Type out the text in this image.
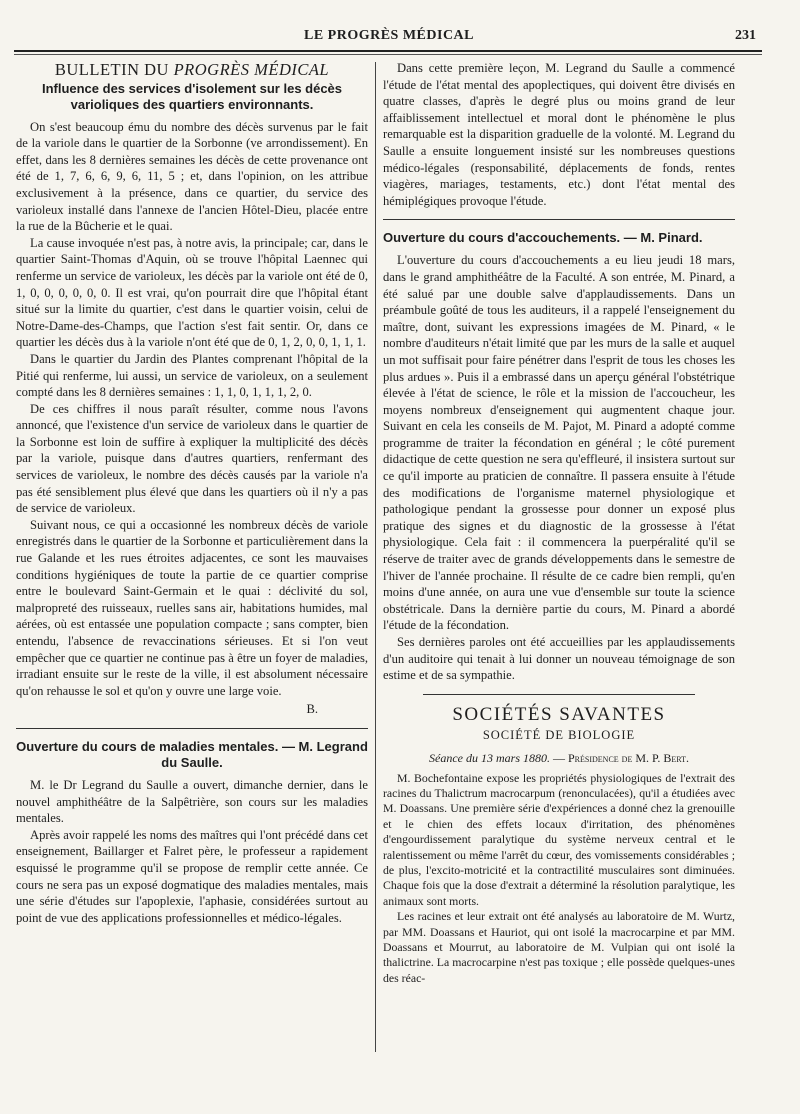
LE PROGRÈS MÉDICAL	231
BULLETIN DU PROGRÈS MÉDICAL
Influence des services d'isolement sur les décès varioliques des quartiers environnants.

On s'est beaucoup ému du nombre des décès survenus par le fait de la variole dans le quartier de la Sorbonne (ve arrondissement). En effet, dans les 8 dernières semaines les décès de cette provenance ont été de 1, 7, 6, 6, 9, 6, 11, 5 ; et, dans l'opinion, on les attribue exclusivement à la présence, dans ce quartier, du service des varioleux installé dans l'annexe de l'ancien Hôtel-Dieu, placée entre la rue de la Bûcherie et le quai.

La cause invoquée n'est pas, à notre avis, la principale; car, dans le quartier Saint-Thomas d'Aquin, où se trouve l'hôpital Laennec qui renferme un service de varioleux, les décès par la variole ont été de 0, 1, 0, 0, 0, 0, 0, 0. Il est vrai, qu'on pourrait dire que l'hôpital étant situé sur la limite du quartier, c'est dans le quartier voisin, celui de Notre-Dame-des-Champs, que l'action s'est fait sentir. Or, dans ce quartier les décès dus à la variole n'ont été que de 0, 1, 2, 0, 0, 1, 1, 1.

Dans le quartier du Jardin des Plantes comprenant l'hôpital de la Pitié qui renferme, lui aussi, un service de varioleux, on a seulement compté dans les 8 dernières semaines : 1, 1, 0, 1, 1, 1, 2, 0.

De ces chiffres il nous paraît résulter, comme nous l'avons annoncé, que l'existence d'un service de varioleux dans le quartier de la Sorbonne est loin de suffire à expliquer la multiplicité des décès par la variole, puisque dans d'autres quartiers, renfermant des services de varioleux, le nombre des décès causés par la variole n'a pas été sensiblement plus élevé que dans les quartiers où il n'y a pas de service de varioleux.

Suivant nous, ce qui a occasionné les nombreux décès de variole enregistrés dans le quartier de la Sorbonne et particulièrement dans la rue Galande et les rues étroites adjacentes, ce sont les mauvaises conditions hygiéniques de toute la partie de ce quartier comprise entre le boulevard Saint-Germain et le quai : déclivité du sol, malpropreté des ruisseaux, ruelles sans air, habitations humides, mal aérées, où est entassée une population compacte ; sans compter, bien entendu, l'absence de revaccinations sérieuses. Et si l'on veut empêcher que ce quartier ne continue pas à être un foyer de maladies, irradiant ensuite sur le reste de la ville, il est absolument nécessaire qu'on rehausse le sol et qu'on y ouvre une large voie.

B.
Ouverture du cours de maladies mentales. — M. Legrand du Saulle.

M. le Dr Legrand du Saulle a ouvert, dimanche dernier, dans le nouvel amphithéâtre de la Salpêtrière, son cours sur les maladies mentales.

Après avoir rappelé les noms des maîtres qui l'ont précédé dans cet enseignement, Baillarger et Falret père, le professeur a rapidement esquissé le programme qu'il se propose de remplir cette année. Ce cours ne sera pas un exposé dogmatique des maladies mentales, mais une série d'études sur l'apoplexie, l'aphasie, considérées surtout au point de vue des applications professionnelles et médico-légales.

Dans cette première leçon, M. Legrand du Saulle a commencé l'étude de l'état mental des apoplectiques, qui doivent être divisés en quatre classes, d'après le degré plus ou moins grand de leur affaiblissement intellectuel et moral dont le phénomène le plus remarquable est la disparition graduelle de la volonté. M. Legrand du Saulle a ensuite longuement insisté sur les nombreuses questions médico-légales (responsabilité, déplacements de fonds, rentes viagères, mariages, testaments, etc.) dont l'état mental des hémiplégiques provoque l'étude.

Ouverture du cours d'accouchements. — M. Pinard.

L'ouverture du cours d'accouchements a eu lieu jeudi 18 mars, dans le grand amphithéâtre de la Faculté. A son entrée, M. Pinard, a été salué par une double salve d'applaudissements. Dans un préambule goûté de tous les auditeurs, il a rappelé l'enseignement du maître, dont, suivant les expressions imagées de M. Pinard, « le nombre d'auditeurs n'était limité que par les murs de la salle et auquel un mot suffisait pour faire pénétrer dans l'esprit de tous les choses les plus ardues ». Puis il a embrassé dans un aperçu général l'obstétrique élevée à l'état de science, le rôle et la mission de l'accoucheur, les moyens nombreux d'enseignement qui augmentent chaque jour. Suivant en cela les conseils de M. Pajot, M. Pinard a adopté comme programme de traiter la fécondation en général ; le côté purement didactique de cette question ne sera qu'effleuré, il insistera surtout sur ce qu'il importe au praticien de connaître. Il passera ensuite à l'étude des modifications de l'organisme maternel physiologique et pathologique pendant la grossesse pour donner un exposé plus pratique des signes et du diagnostic de la grossesse à l'état physiologique. Cela fait : il commencera la puerpéralité qu'il se réserve de traiter avec de grands développements dans le semestre de l'hiver de l'année prochaine. Il résulte de ce cadre bien rempli, qu'en moins d'une année, on aura une vue d'ensemble sur toute la science obstétricale. Dans la dernière partie du cours, M. Pinard a abordé l'étude de la fécondation.

Ses dernières paroles ont été accueillies par les applaudissements d'un auditoire qui tenait à lui donner un nouveau témoignage de son estime et de sa sympathie.

SOCIÉTÉS SAVANTES
SOCIÉTÉ DE BIOLOGIE
Séance du 13 mars 1880. — Présidence de M. P. Bert.

M. Bochefontaine expose les propriétés physiologiques de l'extrait des racines du Thalictrum macrocarpum (renonculacées), qu'il a étudiées avec M. Doassans. Une première série d'expériences a donné chez la grenouille et le chien des effets locaux d'irritation, des phénomènes d'engourdissement paralytique du système nerveux central et le ralentissement ou même l'arrêt du cœur, des vomissements considérables ; de plus, l'excito-motricité et la contractilité musculaires sont diminuées. Chaque fois que la dose d'extrait a déterminé la résolution paralytique, les animaux sont morts.

Les racines et leur extrait ont été analysés au laboratoire de M. Wurtz, par MM. Doassans et Hauriot, qui ont isolé la macrocarpine et par MM. Doassans et Mourrut, au laboratoire de M. Vulpian qui ont isolé la thalictrine. La macrocarpine n'est pas toxique ; elle possède quelques-unes des réac-
